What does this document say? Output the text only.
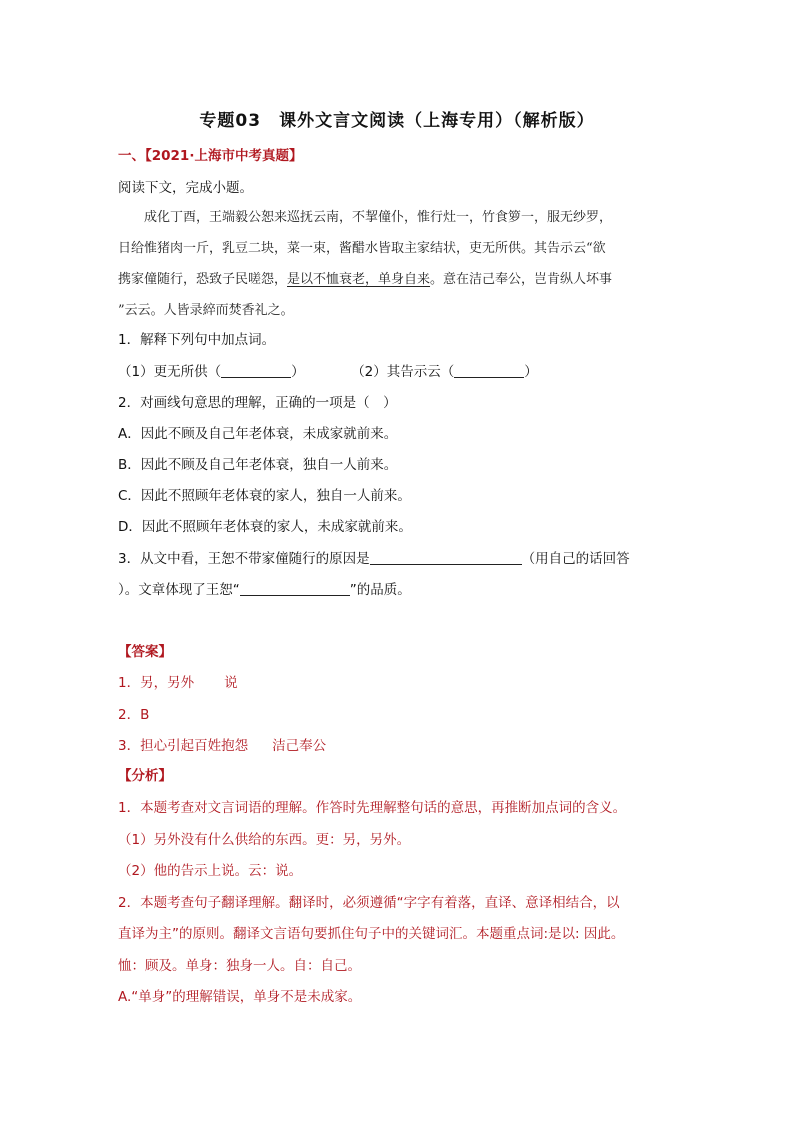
专题03　课外文言文阅读（上海专用）（解析版）
一、【2021·上海市中考真题】
阅读下文，完成小题。

成化丁酉，王端毅公恕来巡抚云南，不挈僮仆，惟行灶一，竹食箩一，服无纱罗，

日给惟猪肉一斤，乳豆二块，菜一束，酱醋水皆取主家结状，吏无所供。其告示云“欲

携家僮随行，恐致子民嗟怨，是以不恤衰老，单身自来。意在洁己奉公，岂肯纵人坏事

”云云。人皆录綷而焚香礼之。

1．解释下列句中加点词。
（1）更无所供（	）	（2）其告示云（	）
2．对画线句意思的理解，正确的一项是（　）
A．因此不顾及自己年老体衰，未成家就前来。
B．因此不顾及自己年老体衰，独自一人前来。
C．因此不照顾年老体衰的家人，独自一人前来。
D．因此不照顾年老体衰的家人，未成家就前来。
3．从文中看，王恕不带家僮随行的原因是	（用自己的话回答
）。文章体现了王恕“	”的品质。
【答案】
1．另，另外 说
2．B
3．担心引起百姓抱怨 洁己奉公
【分析】
1．本题考查对文言词语的理解。作答时先理解整句话的意思，再推断加点词的含义。
（1）另外没有什么供给的东西。更：另，另外。
（2）他的告示上说。云：说。
2．本题考查句子翻译理解。翻译时，必须遵循“字字有着落，直译、意译相结合，以
直译为主”的原则。翻译文言语句要抓住句子中的关键词汇。本题重点词:是以: 因此。
恤：顾及。单身：独身一人。自：自己。
A.“单身”的理解错误，单身不是未成家。
